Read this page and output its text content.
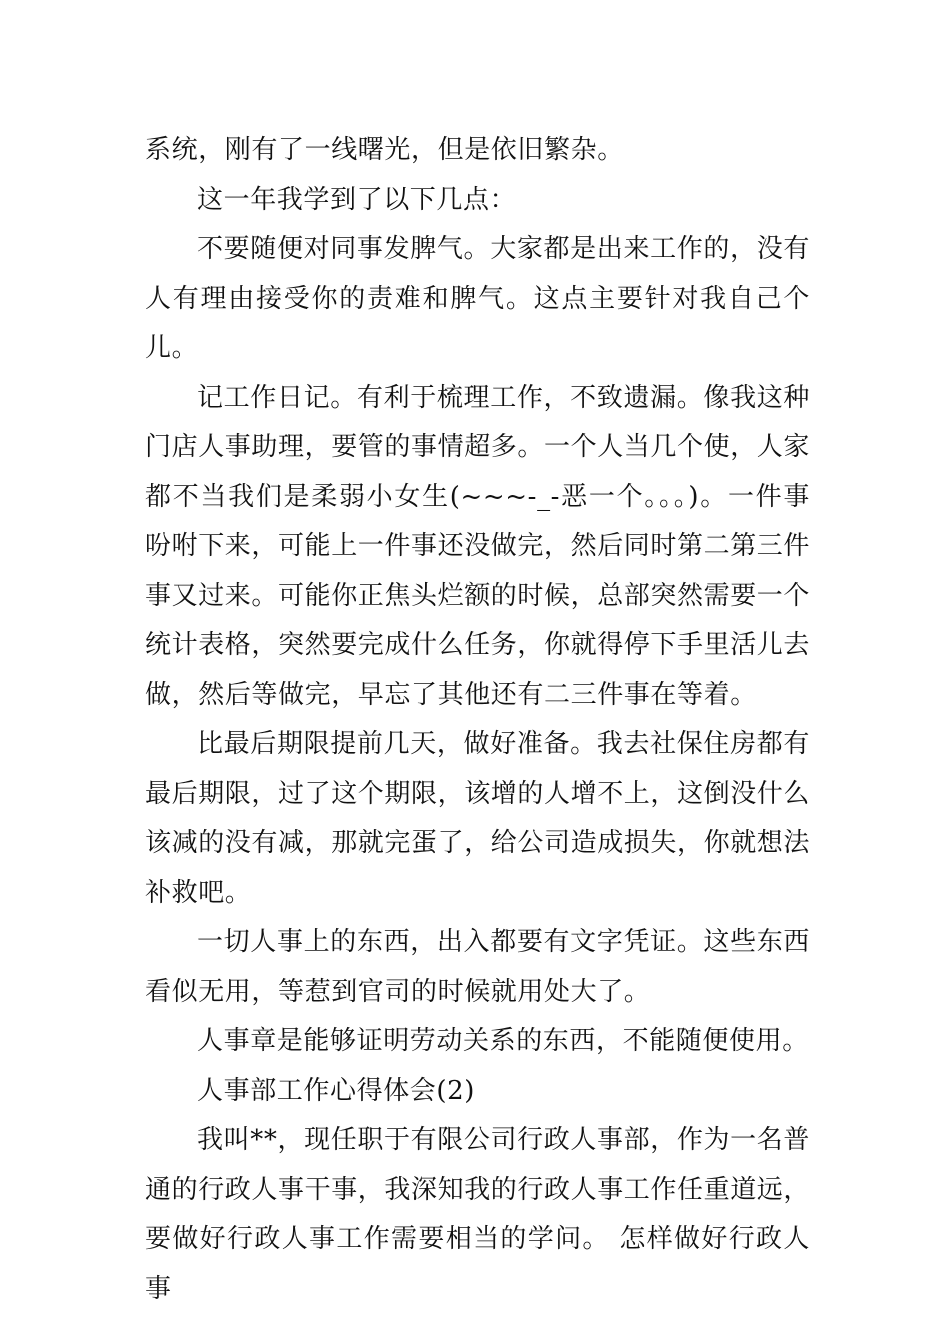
系统，刚有了一线曙光，但是依旧繁杂。

这一年我学到了以下几点：

不要随便对同事发脾气。大家都是出来工作的，没有人有理由接受你的责难和脾气。这点主要针对我自己个儿。

记工作日记。有利于梳理工作，不致遗漏。像我这种门店人事助理，要管的事情超多。一个人当几个使，人家都不当我们是柔弱小女生(~~~-_-恶一个。。。)。一件事吩咐下来，可能上一件事还没做完，然后同时第二第三件事又过来。可能你正焦头烂额的时候，总部突然需要一个统计表格，突然要完成什么任务，你就得停下手里活儿去做，然后等做完，早忘了其他还有二三件事在等着。

比最后期限提前几天，做好准备。我去社保住房都有最后期限，过了这个期限，该增的人增不上，这倒没什么该减的没有减，那就完蛋了，给公司造成损失，你就想法补救吧。

一切人事上的东西，出入都要有文字凭证。这些东西看似无用，等惹到官司的时候就用处大了。

人事章是能够证明劳动关系的东西，不能随便使用。

人事部工作心得体会(2)

我叫**，现任职于有限公司行政人事部，作为一名普通的行政人事干事，我深知我的行政人事工作任重道远，要做好行政人事工作需要相当的学问。 怎样做好行政人事
